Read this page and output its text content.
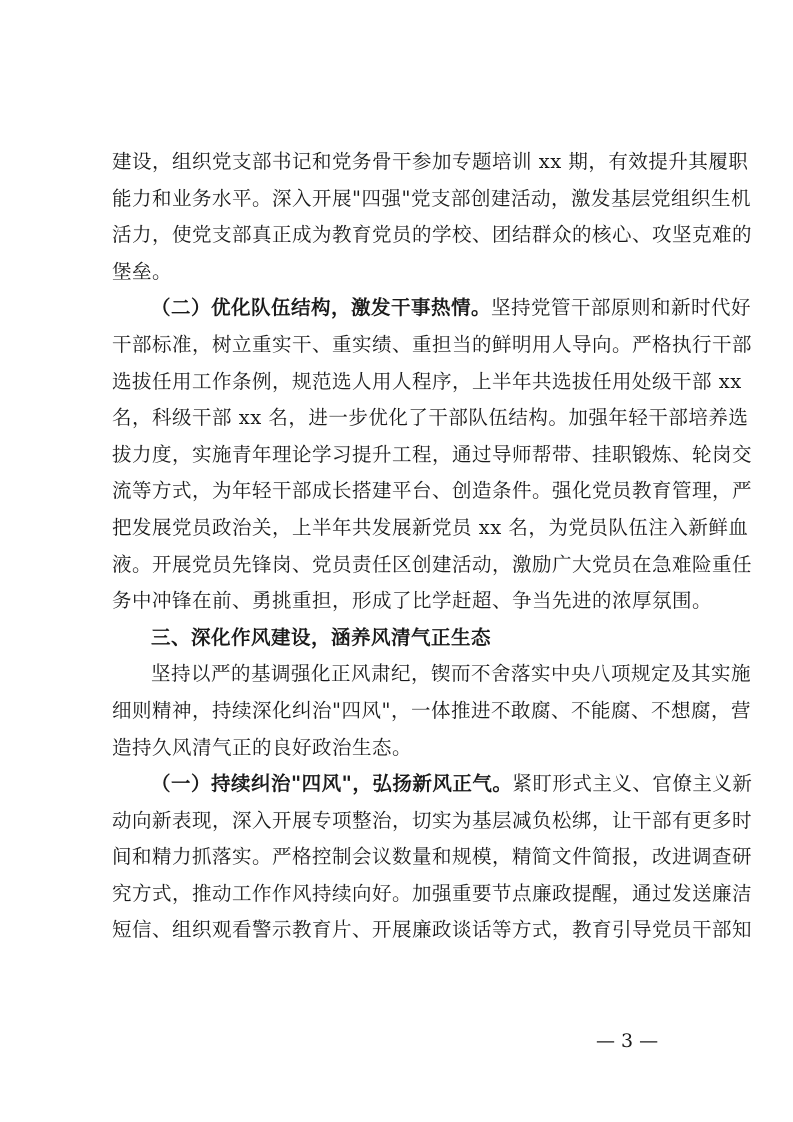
建设，组织党支部书记和党务骨干参加专题培训 xx 期，有效提升其履职
能力和业务水平。深入开展"四强"党支部创建活动，激发基层党组织生机
活力，使党支部真正成为教育党员的学校、团结群众的核心、攻坚克难的
堡垒。
（二）优化队伍结构，激发干事热情。坚持党管干部原则和新时代好
干部标准，树立重实干、重实绩、重担当的鲜明用人导向。严格执行干部
选拔任用工作条例，规范选人用人程序，上半年共选拔任用处级干部 xx
名，科级干部 xx 名，进一步优化了干部队伍结构。加强年轻干部培养选
拔力度，实施青年理论学习提升工程，通过导师帮带、挂职锻炼、轮岗交
流等方式，为年轻干部成长搭建平台、创造条件。强化党员教育管理，严
把发展党员政治关，上半年共发展新党员 xx 名，为党员队伍注入新鲜血
液。开展党员先锋岗、党员责任区创建活动，激励广大党员在急难险重任
务中冲锋在前、勇挑重担，形成了比学赶超、争当先进的浓厚氛围。
三、深化作风建设，涵养风清气正生态
坚持以严的基调强化正风肃纪，锲而不舍落实中央八项规定及其实施
细则精神，持续深化纠治"四风"，一体推进不敢腐、不能腐、不想腐，营
造持久风清气正的良好政治生态。
（一）持续纠治"四风"，弘扬新风正气。紧盯形式主义、官僚主义新
动向新表现，深入开展专项整治，切实为基层减负松绑，让干部有更多时
间和精力抓落实。严格控制会议数量和规模，精简文件简报，改进调查研
究方式，推动工作作风持续向好。加强重要节点廉政提醒，通过发送廉洁
短信、组织观看警示教育片、开展廉政谈话等方式，教育引导党员干部知
— 3 —
